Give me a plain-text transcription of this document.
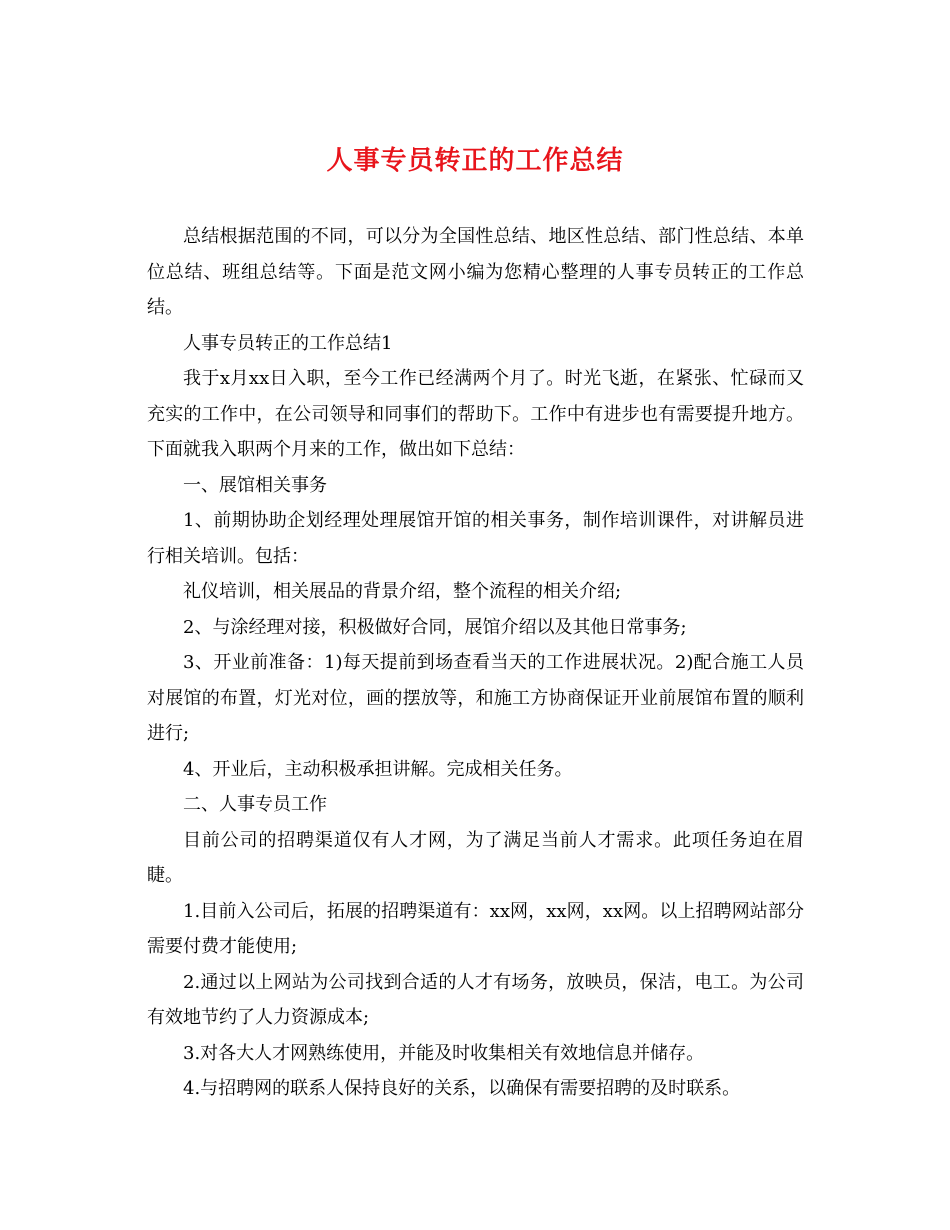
人事专员转正的工作总结

总结根据范围的不同，可以分为全国性总结、地区性总结、部门性总结、本单位总结、班组总结等。下面是范文网小编为您精心整理的人事专员转正的工作总结。

人事专员转正的工作总结1

我于x月xx日入职，至今工作已经满两个月了。时光飞逝，在紧张、忙碌而又充实的工作中，在公司领导和同事们的帮助下。工作中有进步也有需要提升地方。下面就我入职两个月来的工作，做出如下总结：

一、展馆相关事务

1、前期协助企划经理处理展馆开馆的相关事务，制作培训课件，对讲解员进行相关培训。包括：

礼仪培训，相关展品的背景介绍，整个流程的相关介绍;

2、与涂经理对接，积极做好合同，展馆介绍以及其他日常事务;

3、开业前准备：1)每天提前到场查看当天的工作进展状况。2)配合施工人员对展馆的布置，灯光对位，画的摆放等，和施工方协商保证开业前展馆布置的顺利进行;

4、开业后，主动积极承担讲解。完成相关任务。

二、人事专员工作

目前公司的招聘渠道仅有人才网，为了满足当前人才需求。此项任务迫在眉睫。

1.目前入公司后，拓展的招聘渠道有：xx网，xx网，xx网。以上招聘网站部分需要付费才能使用;

2.通过以上网站为公司找到合适的人才有场务，放映员，保洁，电工。为公司有效地节约了人力资源成本;

3.对各大人才网熟练使用，并能及时收集相关有效地信息并储存。

4.与招聘网的联系人保持良好的关系，以确保有需要招聘的及时联系。
